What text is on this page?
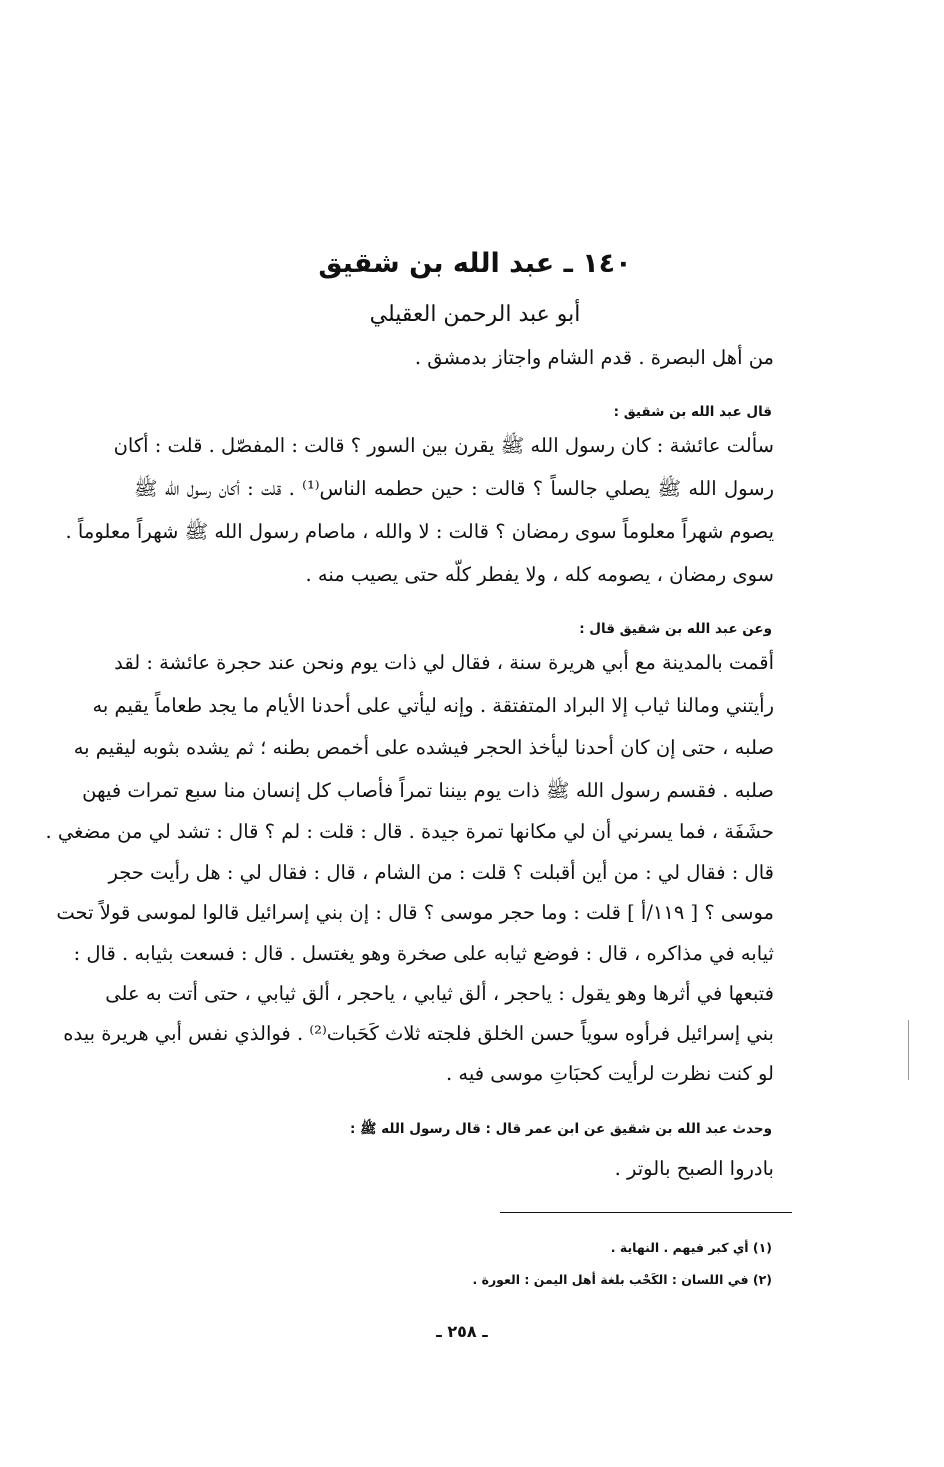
١٤٠ ـ عبد الله بن شقيق
أبو عبد الرحمن العقيلي
من أهل البصرة . قدم الشام واجتاز بدمشق .
قال عبد الله بن شقيق :
سألت عائشة : كان رسول الله ﷺ يقرن بين السور ؟ قالت : المفصّل . قلت : أكان
رسول الله ﷺ يصلي جالساً ؟ قالت : حين حطمه الناس⁽¹⁾ . قلت : أكان رسول الله ﷺ
يصوم شهراً معلوماً سوى رمضان ؟ قالت : لا والله ، ماصام رسول الله ﷺ شهراً معلوماً .
سوى رمضان ، يصومه كله ، ولا يفطر كلّه حتى يصيب منه .
وعن عبد الله بن شقيق قال :
أقمت بالمدينة مع أبي هريرة سنة ، فقال لي ذات يوم ونحن عند حجرة عائشة : لقد
رأيتني ومالنا ثياب إلا البراد المتفتقة . وإنه ليأتي على أحدنا الأيام ما يجد طعاماً يقيم به
صلبه ، حتى إن كان أحدنا ليأخذ الحجر فيشده على أخمص بطنه ؛ ثم يشده بثوبه ليقيم به
صلبه . فقسم رسول الله ﷺ ذات يوم بيننا تمراً فأصاب كل إنسان منا سبع تمرات فيهن
حشَفَة ، فما يسرني أن لي مكانها تمرة جيدة . قال : قلت : لم ؟ قال : تشد لي من مضغي .
قال : فقال لي : من أين أقبلت ؟ قلت : من الشام ، قال : فقال لي : هل رأيت حجر
موسى ؟ [ ١١٩/أ ] قلت : وما حجر موسى ؟ قال : إن بني إسرائيل قالوا لموسى قولاً تحت
ثيابه في مذاكره ، قال : فوضع ثيابه على صخرة وهو يغتسل . قال : فسعت بثيابه . قال :
فتبعها في أثرها وهو يقول : ياحجر ، ألق ثيابي ، ياحجر ، ألق ثيابي ، حتى أتت به على
بني إسرائيل فرأوه سوياً حسن الخلق فلجته ثلاث كَحَبات⁽²⁾ . فوالذي نفس أبي هريرة بيده
لو كنت نظرت لرأيت كحبَاتِ موسى فيه .
وحدث عبد الله بن شقيق عن ابن عمر قال : قال رسول الله ﷺ :
بادروا الصبح بالوتر .
(١) أي كبر فيهم . النهاية .
(٢) في اللسان : الكَحْب بلغة أهل اليمن : العورة .
ـ ٢٥٨ ـ
